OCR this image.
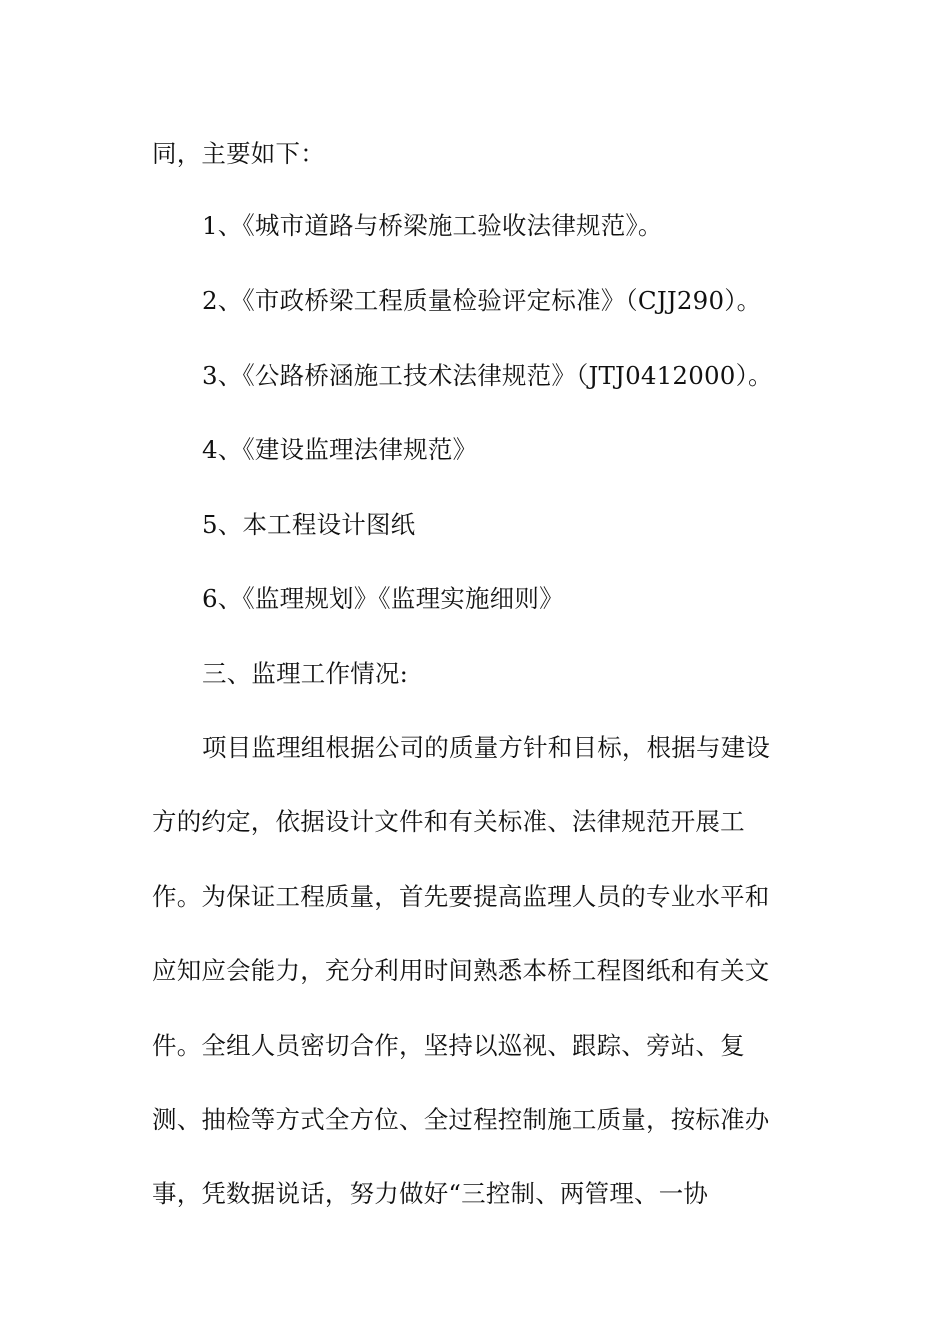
同，主要如下：
1、《城市道路与桥梁施工验收法律规范》。
2、《市政桥梁工程质量检验评定标准》（CJJ290）。
3、《公路桥涵施工技术法律规范》（JTJ0412000）。
4、《建设监理法律规范》
5、本工程设计图纸
6、《监理规划》《监理实施细则》
三、监理工作情况:
项目监理组根据公司的质量方针和目标，根据与建设
方的约定，依据设计文件和有关标准、法律规范开展工
作。为保证工程质量，首先要提高监理人员的专业水平和
应知应会能力，充分利用时间熟悉本桥工程图纸和有关文
件。全组人员密切合作，坚持以巡视、跟踪、旁站、复
测、抽检等方式全方位、全过程控制施工质量，按标准办
事，凭数据说话，努力做好“三控制、两管理、一协
